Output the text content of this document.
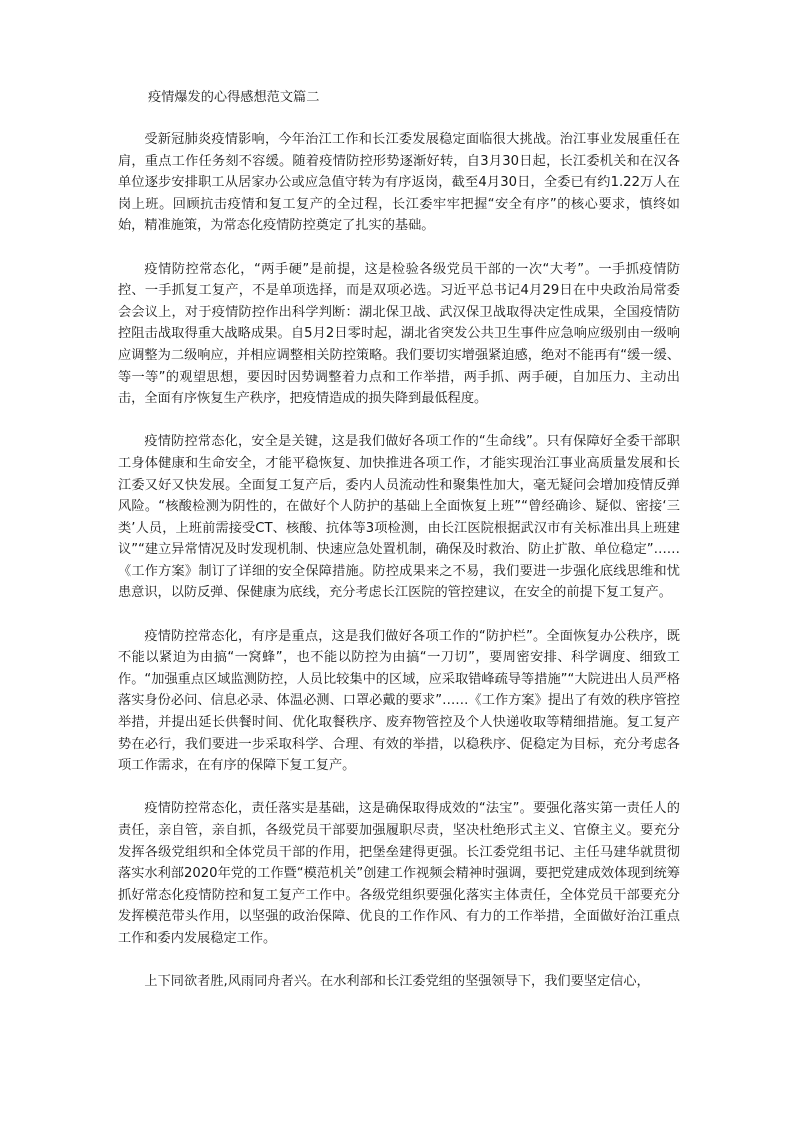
疫情爆发的心得感想范文篇二

受新冠肺炎疫情影响，今年治江工作和长江委发展稳定面临很大挑战。治江事业发展重任在肩，重点工作任务刻不容缓。随着疫情防控形势逐渐好转，自3月30日起，长江委机关和在汉各单位逐步安排职工从居家办公或应急值守转为有序返岗，截至4月30日，全委已有约1.22万人在岗上班。回顾抗击疫情和复工复产的全过程，长江委牢牢把握“安全有序”的核心要求，慎终如始，精准施策，为常态化疫情防控奠定了扎实的基础。

疫情防控常态化，“两手硬”是前提，这是检验各级党员干部的一次“大考”。一手抓疫情防控、一手抓复工复产，不是单项选择，而是双项必选。习近平总书记4月29日在中央政治局常委会会议上，对于疫情防控作出科学判断：湖北保卫战、武汉保卫战取得决定性成果，全国疫情防控阻击战取得重大战略成果。自5月2日零时起，湖北省突发公共卫生事件应急响应级别由一级响应调整为二级响应，并相应调整相关防控策略。我们要切实增强紧迫感，绝对不能再有“缓一缓、等一等”的观望思想，要因时因势调整着力点和工作举措，两手抓、两手硬，自加压力、主动出击，全面有序恢复生产秩序，把疫情造成的损失降到最低程度。

疫情防控常态化，安全是关键，这是我们做好各项工作的“生命线”。只有保障好全委干部职工身体健康和生命安全，才能平稳恢复、加快推进各项工作，才能实现治江事业高质量发展和长江委又好又快发展。全面复工复产后，委内人员流动性和聚集性加大，毫无疑问会增加疫情反弹风险。“核酸检测为阴性的，在做好个人防护的基础上全面恢复上班”“曾经确诊、疑似、密接‘三类’人员，上班前需接受CT、核酸、抗体等3项检测，由长江医院根据武汉市有关标准出具上班建议”“建立异常情况及时发现机制、快速应急处置机制，确保及时救治、防止扩散、单位稳定”……《工作方案》制订了详细的安全保障措施。防控成果来之不易，我们要进一步强化底线思维和忧患意识，以防反弹、保健康为底线，充分考虑长江医院的管控建议，在安全的前提下复工复产。

疫情防控常态化，有序是重点，这是我们做好各项工作的“防护栏”。全面恢复办公秩序，既不能以紧迫为由搞“一窝蜂”，也不能以防控为由搞“一刀切”，要周密安排、科学调度、细致工作。“加强重点区域监测防控，人员比较集中的区域，应采取错峰疏导等措施”“大院进出人员严格落实身份必问、信息必录、体温必测、口罩必戴的要求”……《工作方案》提出了有效的秩序管控举措，并提出延长供餐时间、优化取餐秩序、废弃物管控及个人快递收取等精细措施。复工复产势在必行，我们要进一步采取科学、合理、有效的举措，以稳秩序、促稳定为目标，充分考虑各项工作需求，在有序的保障下复工复产。

疫情防控常态化，责任落实是基础，这是确保取得成效的“法宝”。要强化落实第一责任人的责任，亲自管，亲自抓，各级党员干部要加强履职尽责，坚决杜绝形式主义、官僚主义。要充分发挥各级党组织和全体党员干部的作用，把堡垒建得更强。长江委党组书记、主任马建华就贯彻落实水利部2020年党的工作暨“模范机关”创建工作视频会精神时强调，要把党建成效体现到统筹抓好常态化疫情防控和复工复产工作中。各级党组织要强化落实主体责任，全体党员干部要充分发挥模范带头作用，以坚强的政治保障、优良的工作作风、有力的工作举措，全面做好治江重点工作和委内发展稳定工作。

上下同欲者胜,风雨同舟者兴。在水利部和长江委党组的坚强领导下，我们要坚定信心，
